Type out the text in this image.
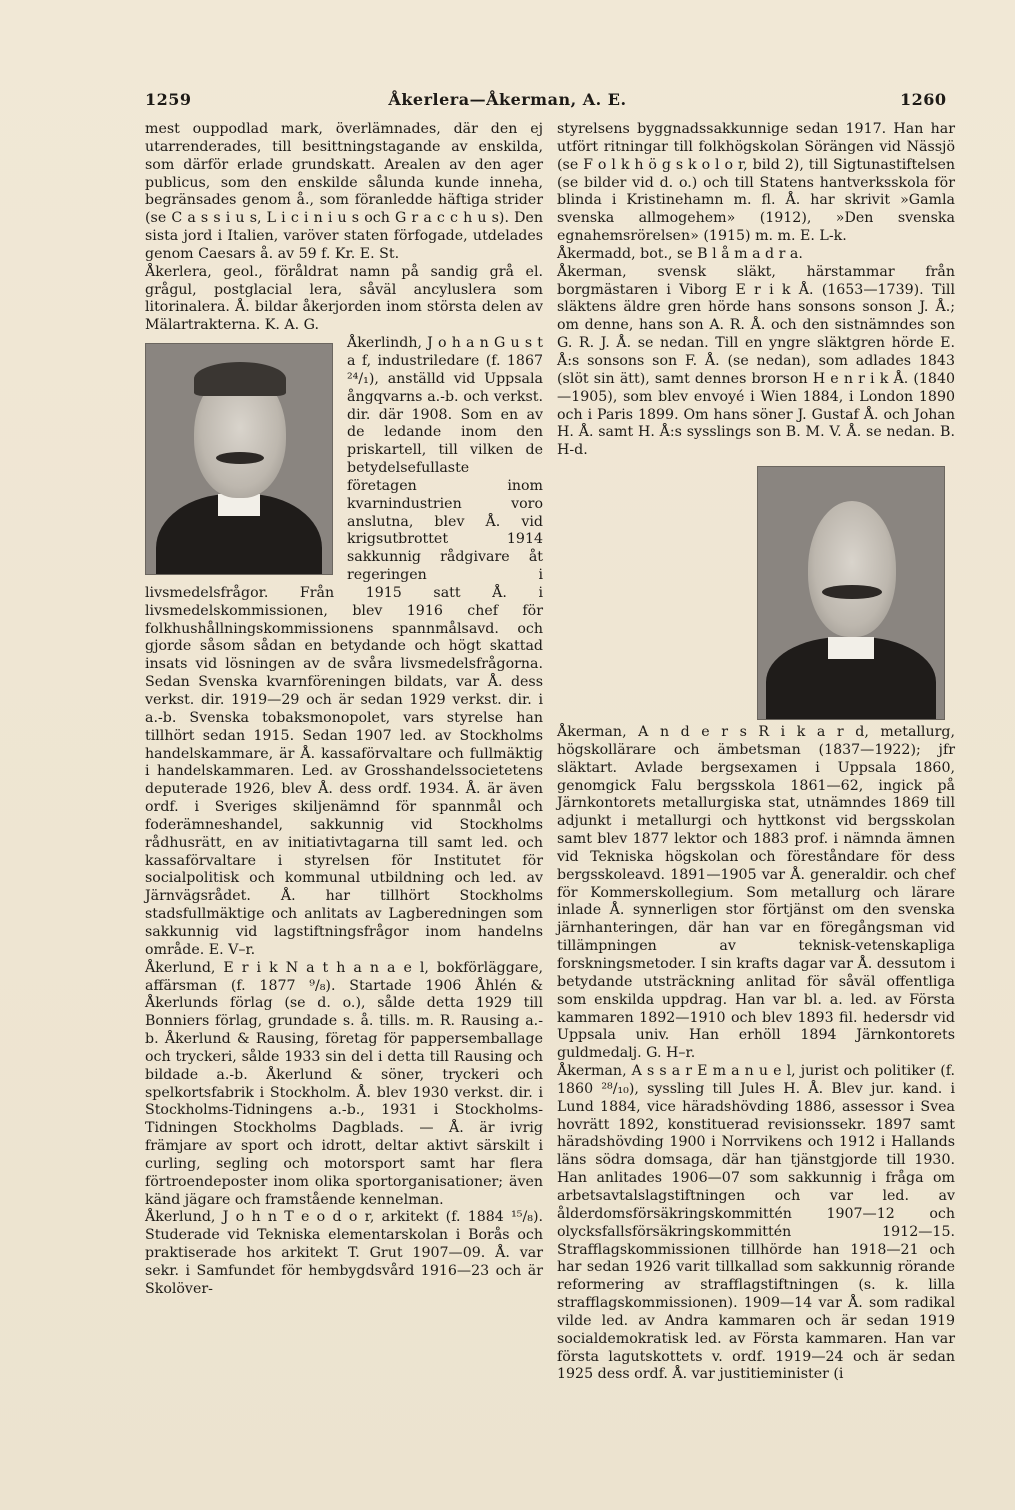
1259	Åkerlera—Åkerman, A. E.	1260

mest ouppodlad mark, överlämnades, där den ej utarrenderades, till besittningstagande av enskilda, som därför erlade grundskatt. Arealen av den ager publicus, som den enskilde sålunda kunde inneha, begränsades genom å., som föranledde häftiga strider (se C a s s i u s, L i c i n i u s och G r a c c h u s). Den sista jord i Italien, varöver staten förfogade, utdelades genom Caesars å. av 59 f. Kr. E. St.

Åkerlera, geol., föråldrat namn på sandig grå el. grågul, postglacial lera, såväl ancyluslera som litorinalera. Å. bildar åkerjorden inom största delen av Mälartrakterna. K. A. G.

Åkerlindh, J o h a n G u s t a f, industriledare (f. 1867 ²⁴/₁), anställd vid Uppsala ångqvarns a.-b. och verkst. dir. där 1908. Som en av de ledande inom den priskartell, till vilken de betydelsefullaste företagen inom kvarnindustrien voro anslutna, blev Å. vid krigsutbrottet 1914 sakkunnig rådgivare åt regeringen i livsmedelsfrågor. Från 1915 satt Å. i livsmedelskommissionen, blev 1916 chef för folkhushållningskommissionens spannmålsavd. och gjorde såsom sådan en betydande och högt skattad insats vid lösningen av de svåra livsmedelsfrågorna. Sedan Svenska kvarnföreningen bildats, var Å. dess verkst. dir. 1919—29 och är sedan 1929 verkst. dir. i a.-b. Svenska tobaksmonopolet, vars styrelse han tillhört sedan 1915. Sedan 1907 led. av Stockholms handelskammare, är Å. kassaförvaltare och fullmäktig i handelskammaren. Led. av Grosshandelssocietetens deputerade 1926, blev Å. dess ordf. 1934. Å. är även ordf. i Sveriges skiljenämnd för spannmål och foderämneshandel, sakkunnig vid Stockholms rådhusrätt, en av initiativtagarna till samt led. och kassaförvaltare i styrelsen för Institutet för socialpolitisk och kommunal utbildning och led. av Järnvägsrådet. Å. har tillhört Stockholms stadsfullmäktige och anlitats av Lagberedningen som sakkunnig vid lagstiftningsfrågor inom handelns område. E. V–r.

Åkerlund, E r i k N a t h a n a e l, bokförläggare, affärsman (f. 1877 ⁹/₈). Startade 1906 Åhlén & Åkerlunds förlag (se d. o.), sålde detta 1929 till Bonniers förlag, grundade s. å. tills. m. R. Rausing a.-b. Åkerlund & Rausing, företag för pappersemballage och tryckeri, sålde 1933 sin del i detta till Rausing och bildade a.-b. Åkerlund & söner, tryckeri och spelkortsfabrik i Stockholm. Å. blev 1930 verkst. dir. i Stockholms-Tidningens a.-b., 1931 i Stockholms-Tidningen Stockholms Dagblads. — Å. är ivrig främjare av sport och idrott, deltar aktivt särskilt i curling, segling och motorsport samt har flera förtroendeposter inom olika sportorganisationer; även känd jägare och framstående kennelman.

Åkerlund, J o h n T e o d o r, arkitekt (f. 1884 ¹⁵/₈). Studerade vid Tekniska elementarskolan i Borås och praktiserade hos arkitekt T. Grut 1907—09. Å. var sekr. i Samfundet för hembygdsvård 1916—23 och är Skolöver-

styrelsens byggnadssakkunnige sedan 1917. Han har utfört ritningar till folkhögskolan Sörängen vid Nässjö (se F o l k h ö g s k o l o r, bild 2), till Sigtunastiftelsen (se bilder vid d. o.) och till Statens hantverksskola för blinda i Kristinehamn m. fl. Å. har skrivit »Gamla svenska allmogehem» (1912), »Den svenska egnahemsrörelsen» (1915) m. m. E. L-k.

Åkermadd, bot., se B l å m a d r a.

Åkerman, svensk släkt, härstammar från borgmästaren i Viborg E r i k Å. (1653—1739). Till släktens äldre gren hörde hans sonsons sonson J. Å.; om denne, hans son A. R. Å. och den sistnämndes son G. R. J. Å. se nedan. Till en yngre släktgren hörde E. Å:s sonsons son F. Å. (se nedan), som adlades 1843 (slöt sin ätt), samt dennes brorson H e n r i k Å. (1840—1905), som blev envoyé i Wien 1884, i London 1890 och i Paris 1899. Om hans söner J. Gustaf Å. och Johan H. Å. samt H. Å:s sysslings son B. M. V. Å. se nedan. B. H-d.

Åkerman, A n d e r s R i k a r d, metallurg, högskollärare och ämbetsman (1837—1922); jfr släktart. Avlade bergsexamen i Uppsala 1860, genomgick Falu bergsskola 1861—62, ingick på Järnkontorets metallurgiska stat, utnämndes 1869 till adjunkt i metallurgi och hyttkonst vid bergsskolan samt blev 1877 lektor och 1883 prof. i nämnda ämnen vid Tekniska högskolan och föreståndare för dess bergsskoleavd. 1891—1905 var Å. generaldir. och chef för Kommerskollegium. Som metallurg och lärare inlade Å. synnerligen stor förtjänst om den svenska järnhanteringen, där han var en föregångsman vid tillämpningen av teknisk-vetenskapliga forskningsmetoder. I sin krafts dagar var Å. dessutom i betydande utsträckning anlitad för såväl offentliga som enskilda uppdrag. Han var bl. a. led. av Första kammaren 1892—1910 och blev 1893 fil. hedersdr vid Uppsala univ. Han erhöll 1894 Järnkontorets guldmedalj. G. H–r.

Åkerman, A s s a r E m a n u e l, jurist och politiker (f. 1860 ²⁸/₁₀), syssling till Jules H. Å. Blev jur. kand. i Lund 1884, vice häradshövding 1886, assessor i Svea hovrätt 1892, konstituerad revisionssekr. 1897 samt häradshövding 1900 i Norrvikens och 1912 i Hallands läns södra domsaga, där han tjänstgjorde till 1930. Han anlitades 1906—07 som sakkunnig i fråga om arbetsavtalslagstiftningen och var led. av ålderdomsförsäkringskommittén 1907—12 och olycksfallsförsäkringskommittén 1912—15. Strafflagskommissionen tillhörde han 1918—21 och har sedan 1926 varit tillkallad som sakkunnig rörande reformering av strafflagstiftningen (s. k. lilla strafflagskommissionen). 1909—14 var Å. som radikal vilde led. av Andra kammaren och är sedan 1919 socialdemokratisk led. av Första kammaren. Han var första lagutskottets v. ordf. 1919—24 och är sedan 1925 dess ordf. Å. var justitieminister (i
